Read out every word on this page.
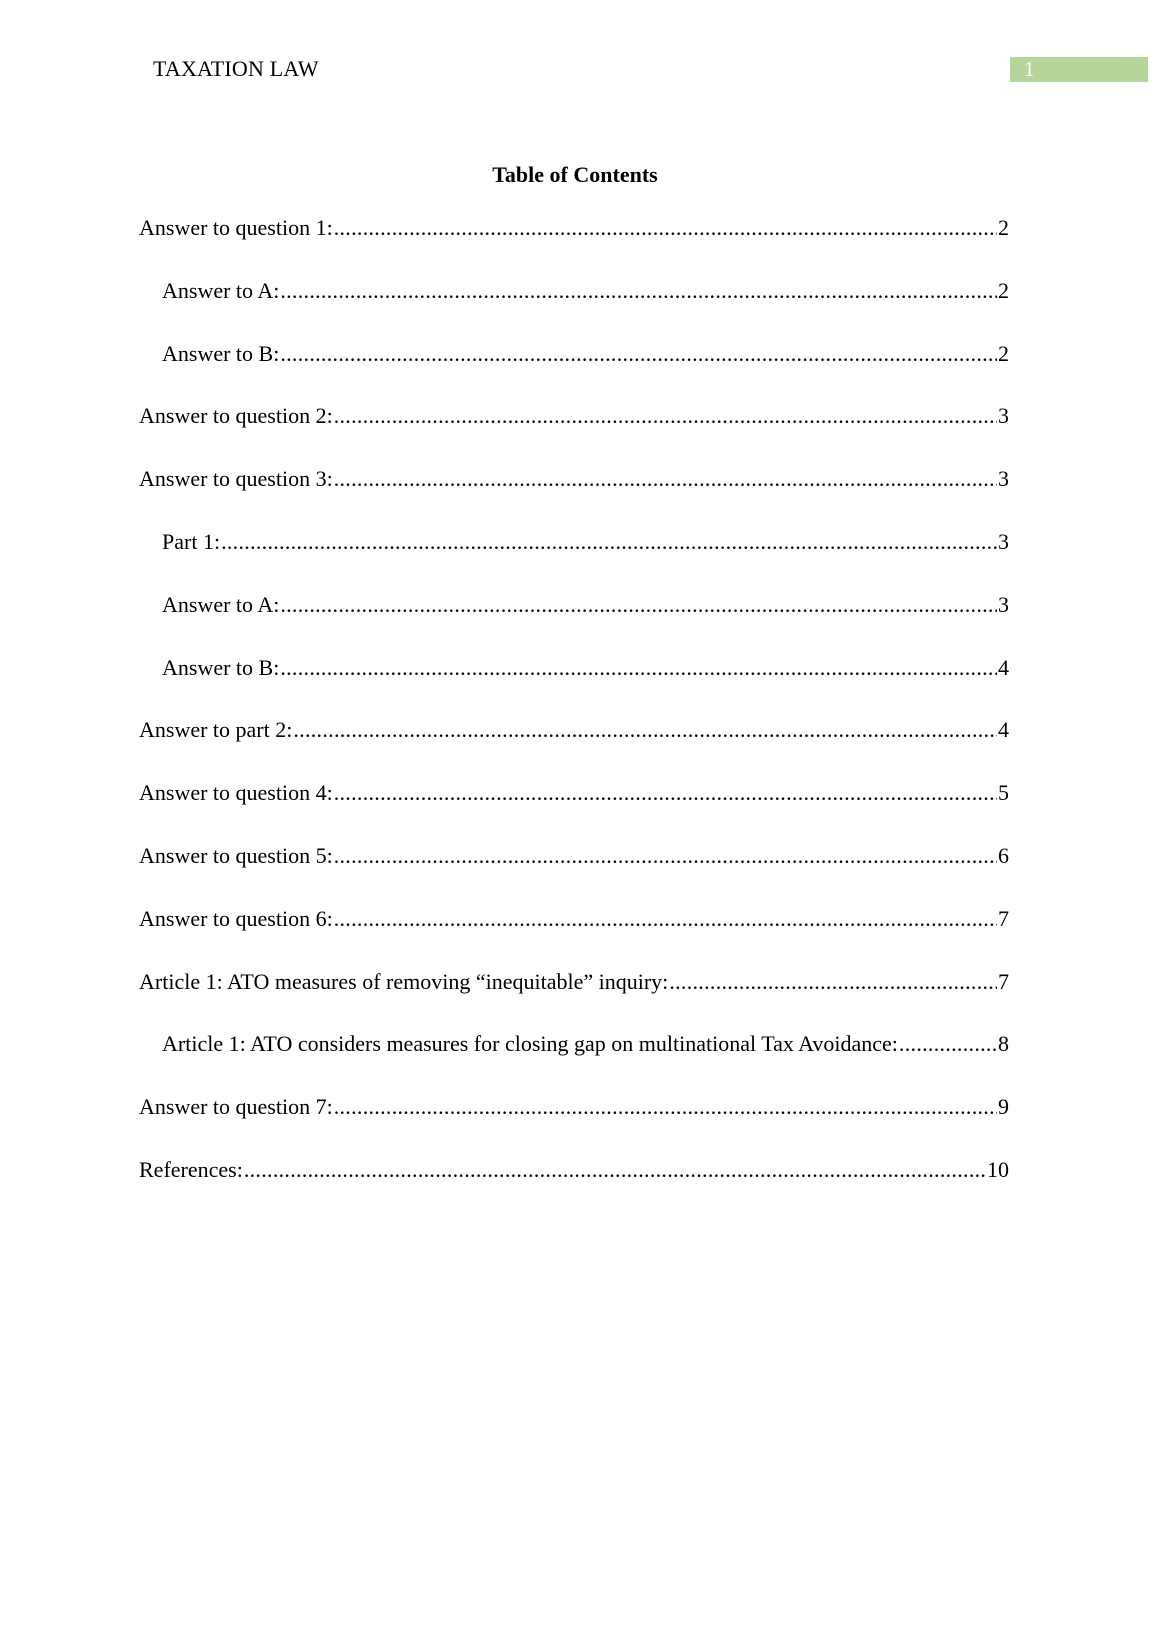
TAXATION LAW	1
Table of Contents
Answer to question 1: .....	2
Answer to A: .....	2
Answer to B: .....	2
Answer to question 2: .....	3
Answer to question 3: .....	3
Part 1: .....	3
Answer to A: .....	3
Answer to B: .....	4
Answer to part 2: .....	4
Answer to question 4: .....	5
Answer to question 5: .....	6
Answer to question 6: .....	7
Article 1: ATO measures of removing “inequitable” inquiry: .....	7
Article 1: ATO considers measures for closing gap on multinational Tax Avoidance: .....	8
Answer to question 7: .....	9
References: .....	10
